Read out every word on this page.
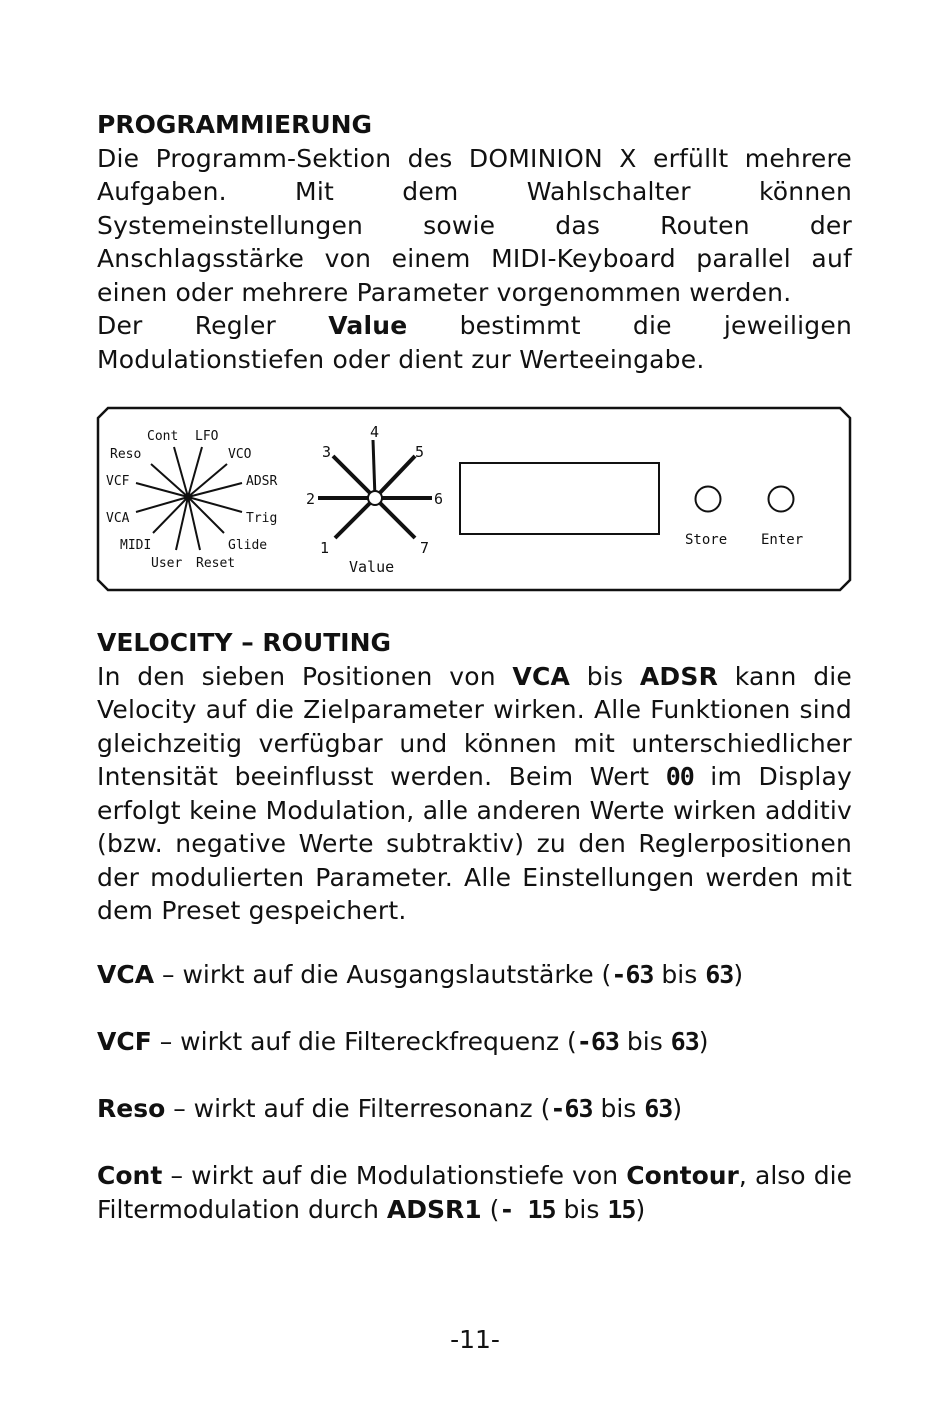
PROGRAMMIERUNG

Die Programm-Sektion des DOMINION X erfüllt mehrere Aufgaben. Mit dem Wahlschalter können Systemeinstellungen sowie das Routen der Anschlagsstärke von einem MIDI-Keyboard parallel auf einen oder mehrere Parameter vorgenommen werden.

Der Regler Value bestimmt die jeweiligen Modulationstiefen oder dient zur Werteeingabe.

Cont LFO
Reso	VCO
VCF	ADSR
VCA	Trig
MIDI	Glide
User Reset
1
2
3
4
5
6
7
Value
Store Enter

VELOCITY – ROUTING

In den sieben Positionen von VCA bis ADSR kann die Velocity auf die Zielparameter wirken. Alle Funktionen sind gleichzeitig verfügbar und können mit unterschiedlicher Intensität beeinflusst werden. Beim Wert 00 im Display erfolgt keine Modulation, alle anderen Werte wirken additiv (bzw. negative Werte subtraktiv) zu den Reglerpositionen der modulierten Parameter. Alle Einstellungen werden mit dem Preset gespeichert.

VCA – wirkt auf die Ausgangslautstärke (-63 bis 63)
VCF – wirkt auf die Filtereckfrequenz (-63 bis 63)
Reso – wirkt auf die Filterresonanz (-63 bis 63)
Cont – wirkt auf die Modulationstiefe von Contour, also die Filtermodulation durch ADSR1 (- 15 bis 15)
-11-
